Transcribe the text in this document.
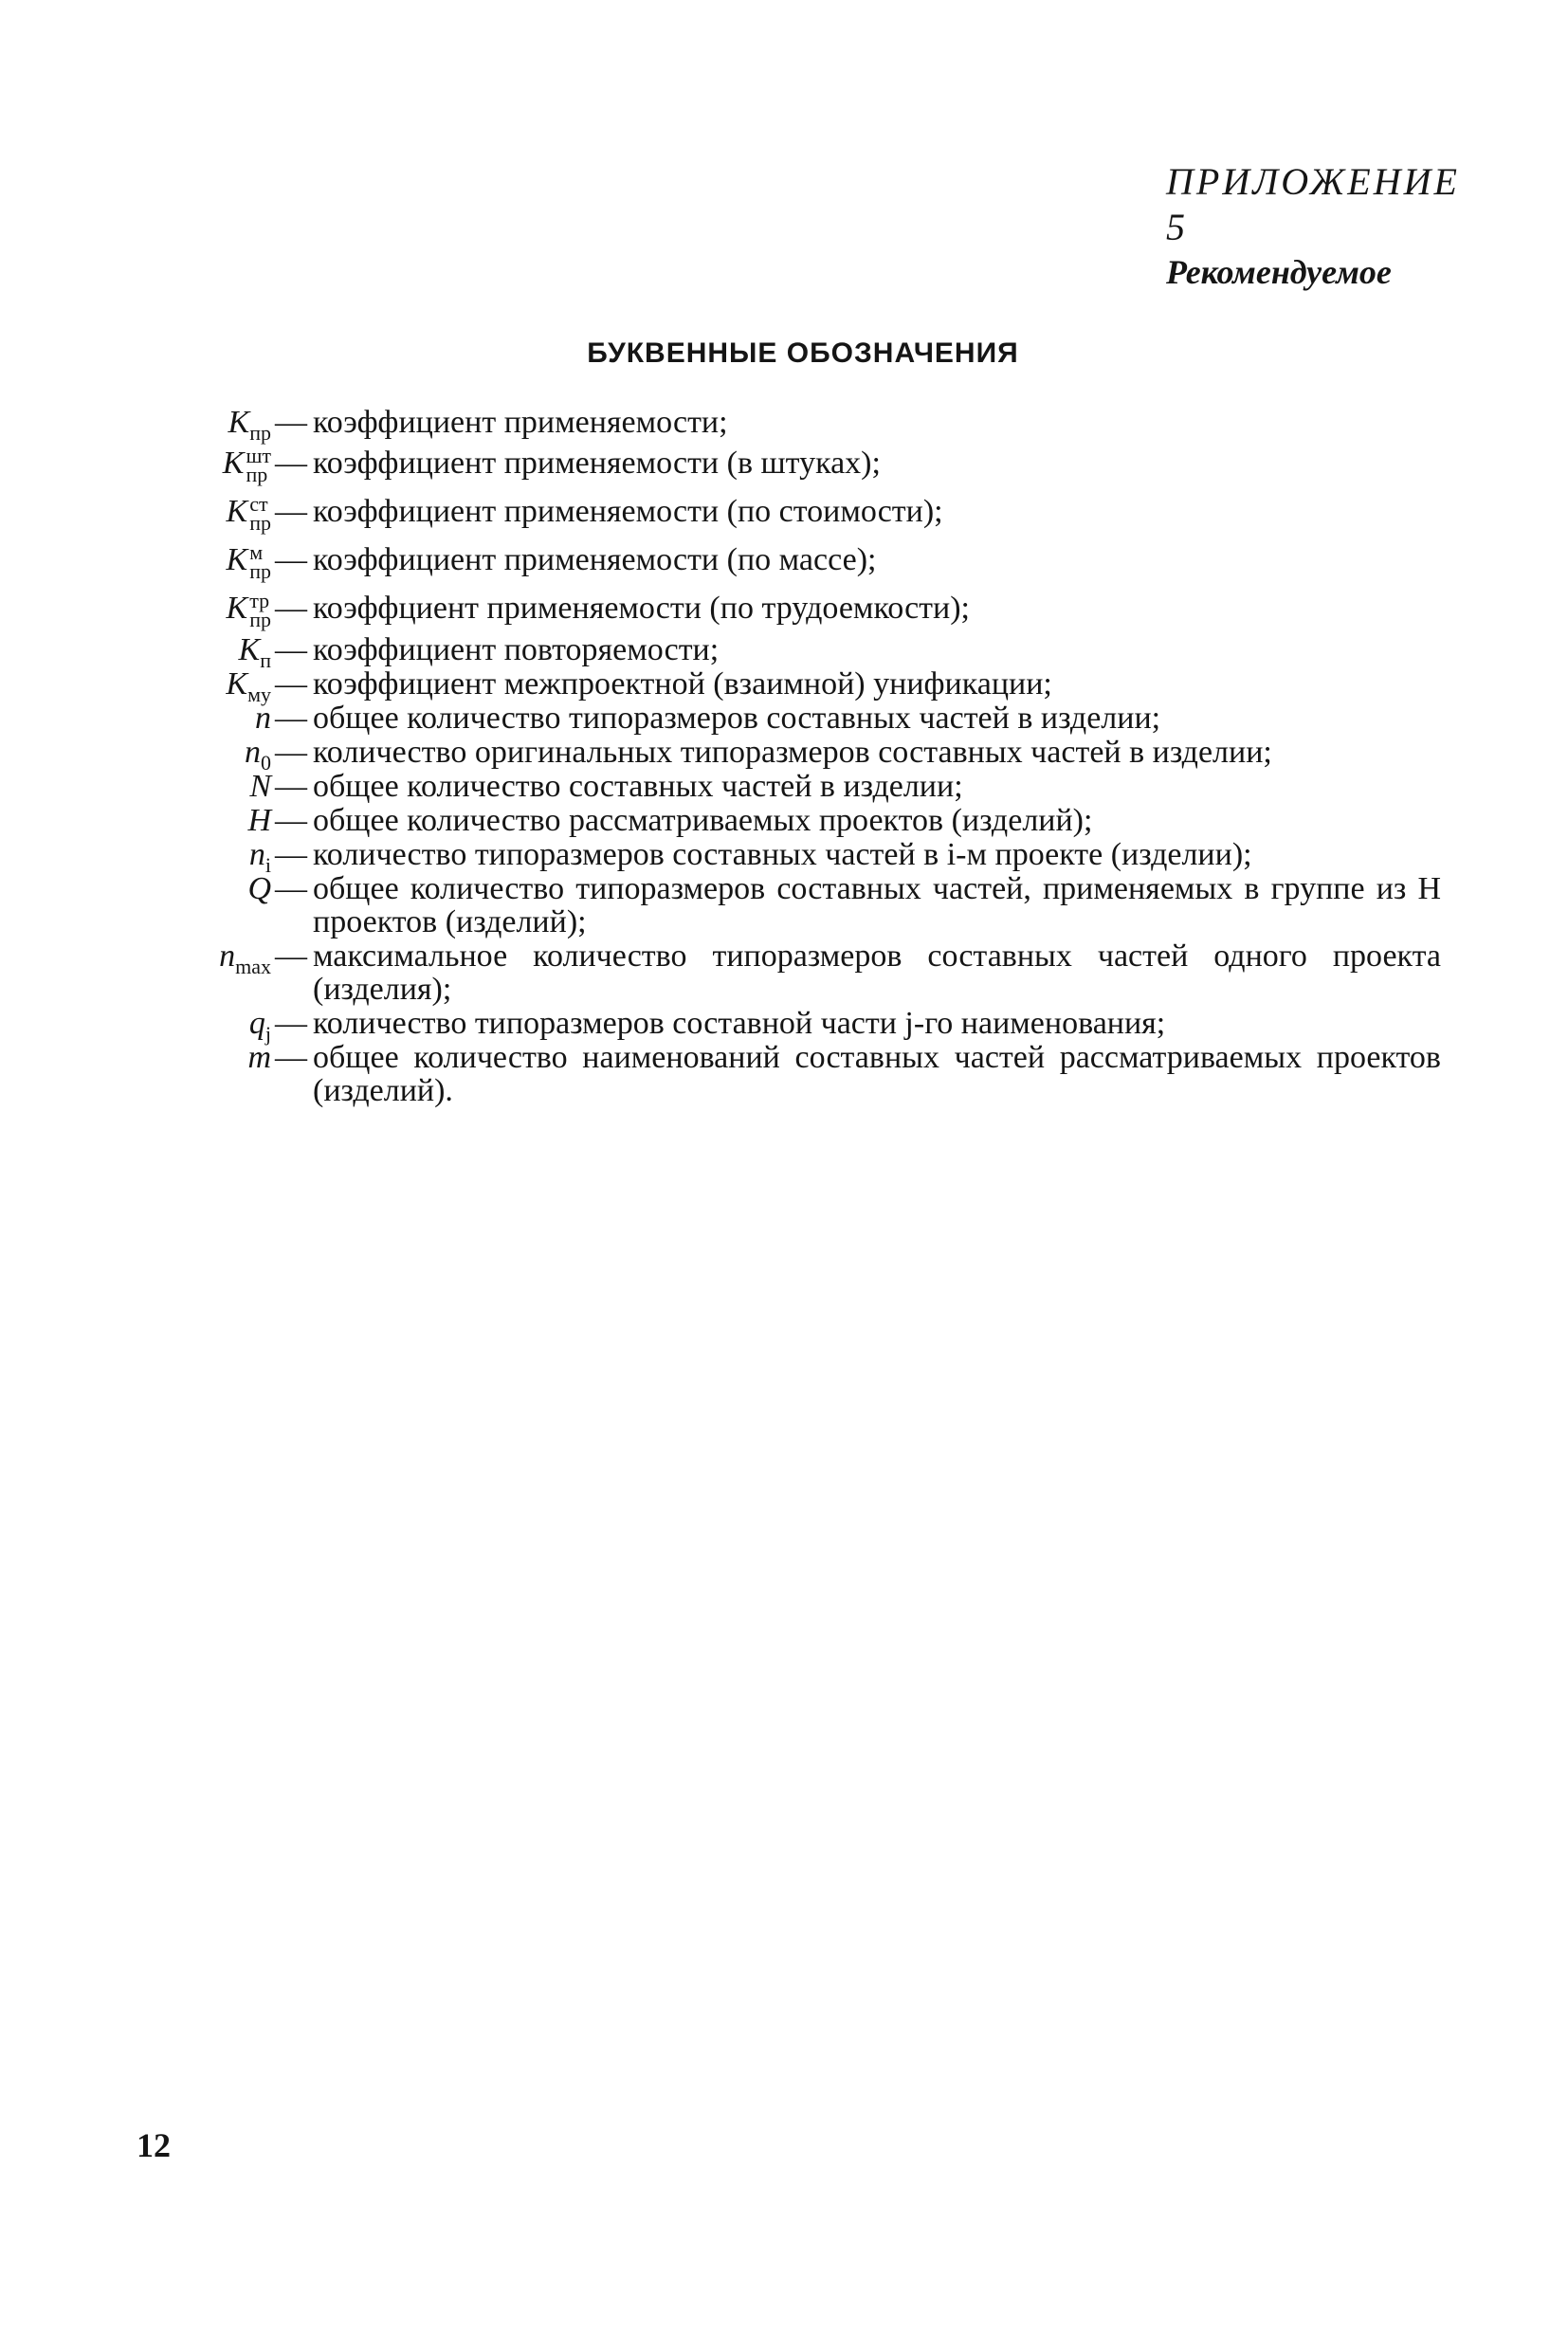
ПРИЛОЖЕНИЕ 5
Рекомендуемое
БУКВЕННЫЕ ОБОЗНАЧЕНИЯ
$K_{пр}$ — коэффициент применяемости;
K шт
пр — коэффициент применяемости (в штуках);
K ст
пр — коэффициент применяемости (по стоимости);
K м
пр — коэффициент применяемости (по массе);
K тр
пр — коэффциент применяемости (по трудоемкости);
$K_п$ — коэффициент повторяемости;
$K_{му}$ — коэффициент межпроектной (взаимной) унификации;
n — общее количество типоразмеров составных частей в изделии;
$n_0$ — количество оригинальных типоразмеров составных частей в изделии;
N — общее количество составных частей в изделии;
H — общее количество рассматриваемых проектов (изделий);
$n_i$ — количество типоразмеров составных частей в i-м проекте (изделии);
Q — общее количество типоразмеров составных частей, применяемых в группе из Н проектов (изделий);
$n_{max}$ — максимальное количество типоразмеров составных частей одного проекта (изделия);
$q_j$ — количество типоразмеров составной части j-го наименования;
m — общее количество наименований составных частей рассматриваемых проектов (изделий).
12
